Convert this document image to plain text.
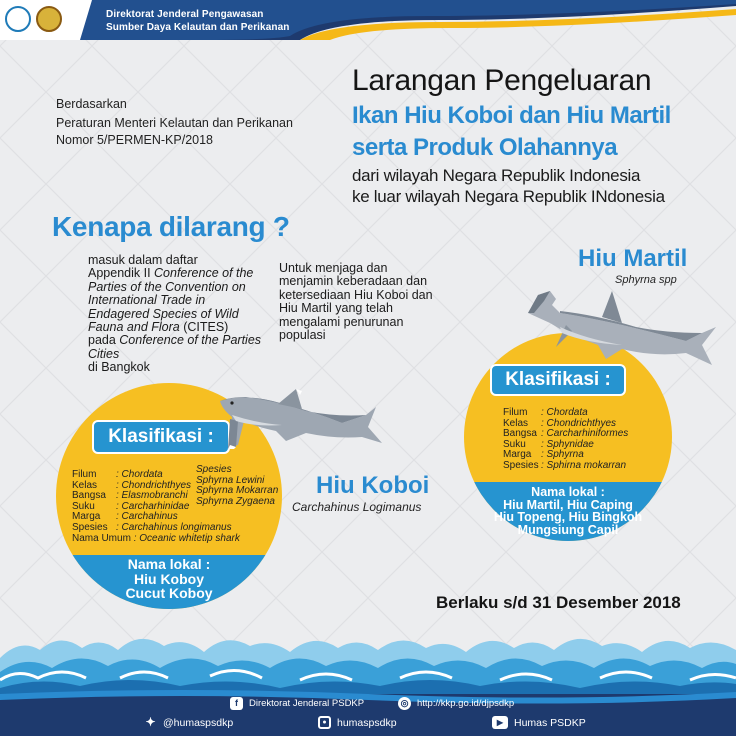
Direktorat Jenderal Pengawasan
Sumber Daya Kelautan dan Perikanan
Berdasarkan
Peraturan Menteri Kelautan dan Perikanan
Nomor 5/PERMEN-KP/2018
Larangan Pengeluaran
Ikan Hiu Koboi dan Hiu Martil
serta Produk Olahannya
dari wilayah Negara Republik Indonesia
ke luar wilayah Negara Republik INdonesia
Kenapa dilarang ?
masuk dalam daftar
Appendik II Conference of the Parties of the Convention on International Trade in Endagered Species of Wild Fauna and Flora (CITES)
pada Conference of the Parties Cities
di Bangkok
Untuk menjaga dan menjamin keberadaan dan ketersediaan Hiu Koboi dan Hiu Martil yang telah mengalami penurunan populasi
Klasifikasi :
Filum : Chordata
Kelas : Chondrichthyes
Bangsa : Carcharhiniformes
Suku : Sphynidae
Marga : Sphyrna
Spesies : Sphirna mokarran
Nama lokal :
Hiu Martil, Hiu Caping
Hiu Topeng, Hiu Bingkoh
Mungsiung Capil
Klasifikasi :
Filum : Chordata
Kelas : Chondrichthyes
Bangsa : Elasmobranchi
Suku : Carcharhinidae
Marga : Carchahinus
Spesies : Carchahinus longimanus
Nama Umum : Oceanic whitetip shark
Spesies
Sphyrna Lewini
Sphyrna Mokarran
Sphyrna Zygaena
Nama lokal :
Hiu Koboy
Cucut Koboy
Hiu Martil
Sphyrna spp
Hiu Koboi
Carchahinus Logimanus
Berlaku s/d 31 Desember 2018
f	Direktorat Jenderal PSDKP	◎ http://kkp.go.id/djpsdkp
✦ @humaspsdkp	● humaspsdkp	▶	Humas PSDKP
